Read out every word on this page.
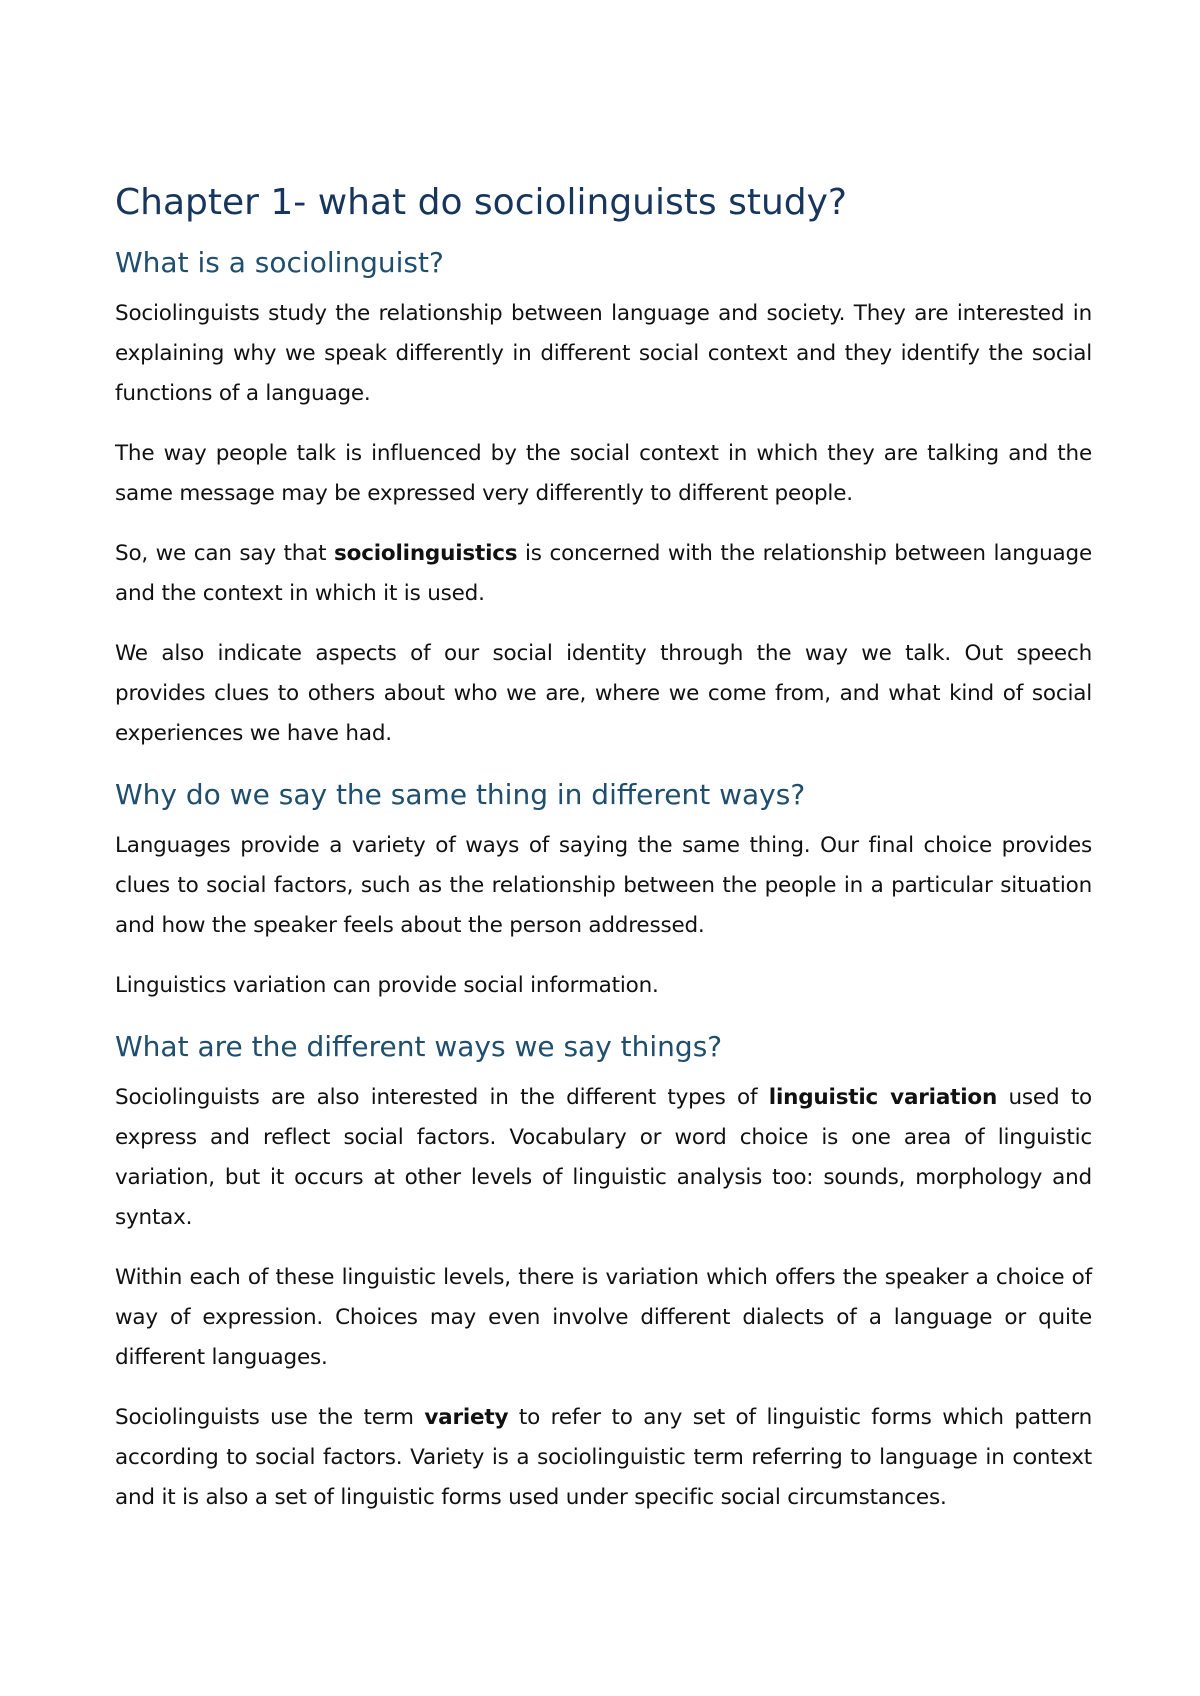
Chapter 1- what do sociolinguists study?
What is a sociolinguist?

Sociolinguists study the relationship between language and society. They are interested in explaining why we speak differently in different social context and they identify the social functions of a language.

The way people talk is influenced by the social context in which they are talking and the same message may be expressed very differently to different people.

So, we can say that sociolinguistics is concerned with the relationship between language and the context in which it is used.

We also indicate aspects of our social identity through the way we talk. Out speech provides clues to others about who we are, where we come from, and what kind of social experiences we have had.

Why do we say the same thing in different ways?

Languages provide a variety of ways of saying the same thing. Our final choice provides clues to social factors, such as the relationship between the people in a particular situation and how the speaker feels about the person addressed.

Linguistics variation can provide social information.

What are the different ways we say things?

Sociolinguists are also interested in the different types of linguistic variation used to express and reflect social factors. Vocabulary or word choice is one area of linguistic variation, but it occurs at other levels of linguistic analysis too: sounds, morphology and syntax.

Within each of these linguistic levels, there is variation which offers the speaker a choice of way of expression. Choices may even involve different dialects of a language or quite different languages.

Sociolinguists use the term variety to refer to any set of linguistic forms which pattern according to social factors. Variety is a sociolinguistic term referring to language in context and it is also a set of linguistic forms used under specific social circumstances.
